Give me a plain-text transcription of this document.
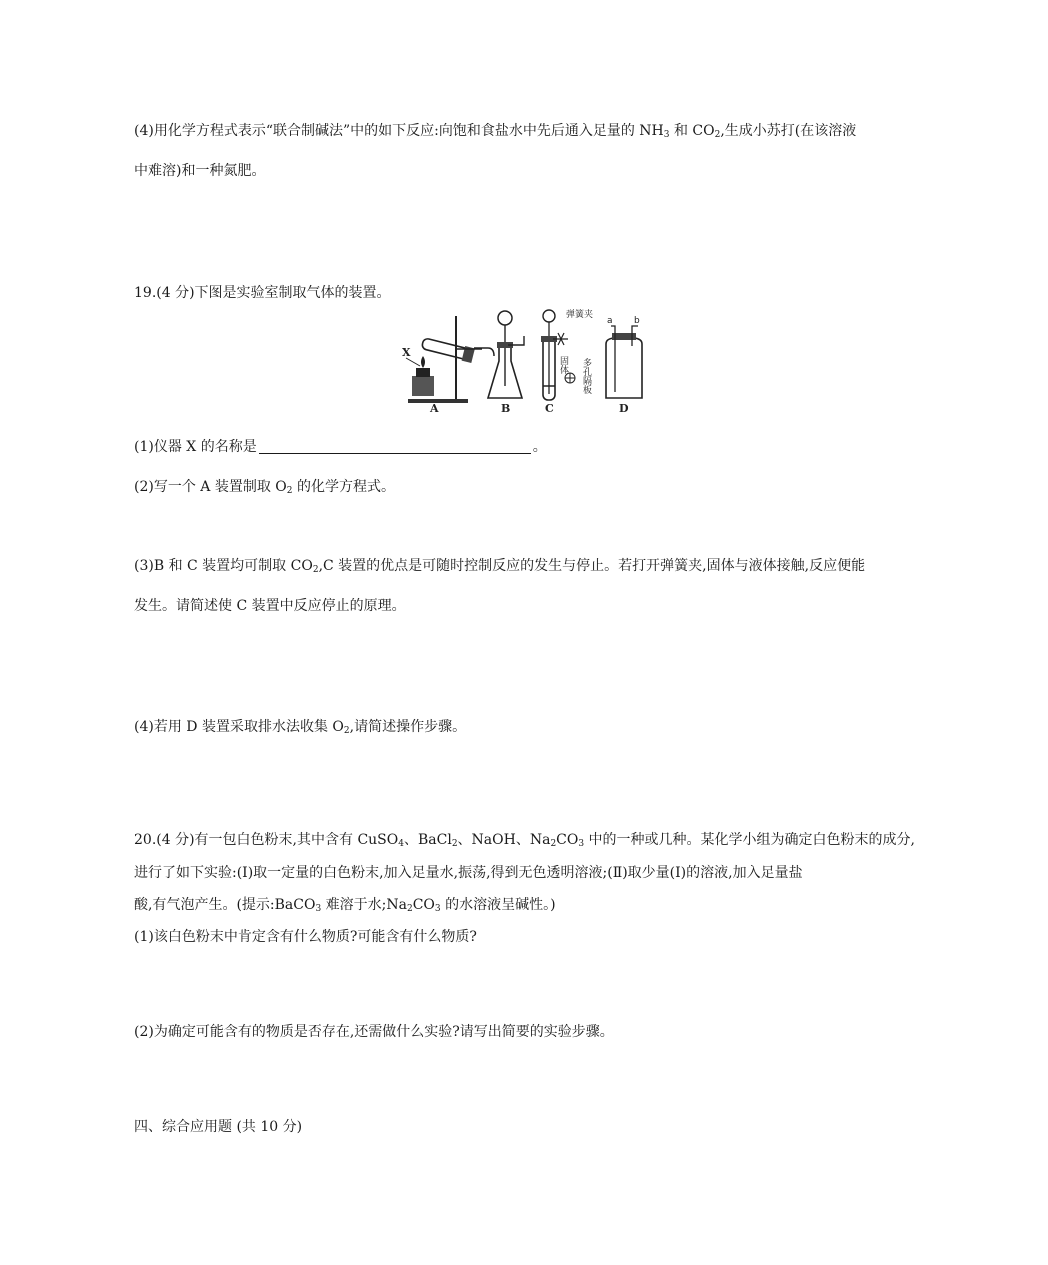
(4)用化学方程式表示“联合制碱法”中的如下反应:向饱和食盐水中先后通入足量的 $NH_3$ 和 $CO_2$,生成小苏打(在该溶液
中难溶)和一种氮肥。
19.(4 分)下图是实验室制取气体的装置。
X
A	B
弹簧夹
固体 多孔隔板
C
a b
D
(1)仪器 X 的名称是	。
(2)写一个 A 装置制取 $O_2$ 的化学方程式。
(3)B 和 C 装置均可制取 $CO_2,C$ 装置的优点是可随时控制反应的发生与停止。若打开弹簧夹,固体与液体接触,反应便能
发生。请简述使 C 装置中反应停止的原理。
(4)若用 D 装置采取排水法收集 $O_2$,请简述操作步骤。
20.(4 分)有一包白色粉末,其中含有 CuSO$_4$、BaCl$_2$、NaOH、$Na_2CO_3$ 中的一种或几种。某化学小组为确定白色粉末的成分,
进行了如下实验:(Ⅰ)取一定量的白色粉末,加入足量水,振荡,得到无色透明溶液;(Ⅱ)取少量(Ⅰ)的溶液,加入足量盐
酸,有气泡产生。(提示:BaCO$_3$ 难溶于水$;Na_2CO_3$ 的水溶液呈碱性。)
(1)该白色粉末中肯定含有什么物质?可能含有什么物质?
(2)为确定可能含有的物质是否存在,还需做什么实验?请写出简要的实验步骤。
四、综合应用题 (共 10 分)
